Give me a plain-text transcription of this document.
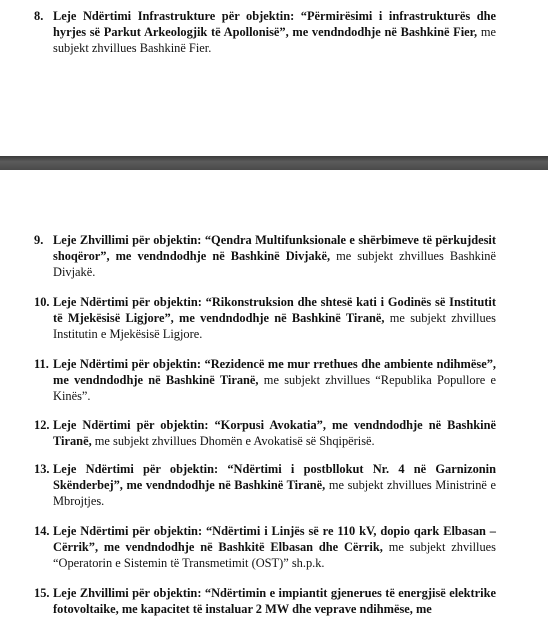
8. Leje Ndërtimi Infrastrukture për objektin: “Përmirësimi i infrastrukturës dhe hyrjes së Parkut Arkeologjik të Apollonisë”, me vendndodhje në Bashkinë Fier, me subjekt zhvillues Bashkinë Fier.
9. Leje Zhvillimi për objektin: “Qendra Multifunksionale e shërbimeve të përkujdesit shoqëror”, me vendndodhje në Bashkinë Divjakë, me subjekt zhvillues Bashkinë Divjakë.
10. Leje Ndërtimi për objektin: “Rikonstruksion dhe shtesë kati i Godinës së Institutit të Mjekësisë Ligjore”, me vendndodhje në Bashkinë Tiranë, me subjekt zhvillues Institutin e Mjekësisë Ligjore.
11. Leje Ndërtimi për objektin: “Rezidencë me mur rrethues dhe ambiente ndihmëse”, me vendndodhje në Bashkinë Tiranë, me subjekt zhvillues “Republika Popullore e Kinës”.
12. Leje Ndërtimi për objektin: “Korpusi Avokatia”, me vendndodhje në Bashkinë Tiranë, me subjekt zhvillues Dhomën e Avokatisë së Shqipërisë.
13. Leje Ndërtimi për objektin: “Ndërtimi i postbllokut Nr. 4 në Garnizonin Skënderbej”, me vendndodhje në Bashkinë Tiranë, me subjekt zhvillues Ministrinë e Mbrojtjes.
14. Leje Ndërtimi për objektin: “Ndërtimi i Linjës së re 110 kV, dopio qark Elbasan – Cërrik”, me vendndodhje në Bashkitë Elbasan dhe Cërrik, me subjekt zhvillues “Operatorin e Sistemin të Transmetimit (OST)” sh.p.k.
15. Leje Zhvillimi për objektin: “Ndërtimin e impiantit gjenerues të energjisë elektrike fotovoltaike, me kapacitet të instaluar 2 MW dhe veprave ndihmëse, me
